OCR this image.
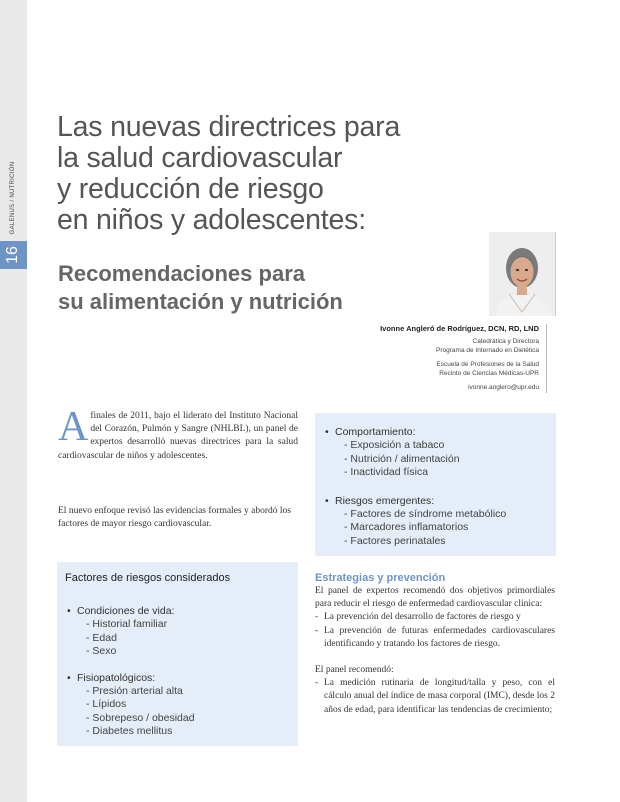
GALENUS / NUTRICIÓN
16
Las nuevas directrices para
la salud cardiovascular
y reducción de riesgo
en niños y adolescentes:
Recomendaciones para
su alimentación y nutrición
Ivonne Angleró de Rodríguez, DCN, RD, LND
Catedrática y Directora
Programa de Internado en Dietética
Escuela de Profesiones de la Salud
Recinto de Ciencias Médicas-UPR
ivonne.anglero@upr.edu

A finales de 2011, bajo el liderato del Instituto Nacional del Corazón, Pulmón y Sangre (NHLBL), un panel de expertos desarrolló nuevas directrices para la salud cardiovascular de niños y adolescentes.

El nuevo enfoque revisó las evidencias formales y abordó los factores de mayor riesgo cardiovascular.

• Comportamiento:
- Exposición a tabaco
- Nutrición / alimentación
- Inactividad física
• Riesgos emergentes:
- Factores de síndrome metabólico
- Marcadores inflamatorios
- Factores perinatales
Factores de riesgos considerados
• Condiciones de vida:
- Historial familiar
- Edad
- Sexo
• Fisiopatológicos:
- Presión arterial alta
- Lípidos
- Sobrepeso / obesidad
- Diabetes mellitus
Estrategias y prevención
El panel de expertos recomendó dos objetivos primordiales para reducir el riesgo de enfermedad cardiovascular clínica:
- La prevención del desarrollo de factores de riesgo y
- La prevención de futuras enfermedades cardiovasculares identificando y tratando los factores de riesgo.
El panel recomendó:
- La medición rutinaria de longitud/talla y peso, con el cálculo anual del índice de masa corporal (IMC), desde los 2 años de edad, para identificar las tendencias de crecimiento;
